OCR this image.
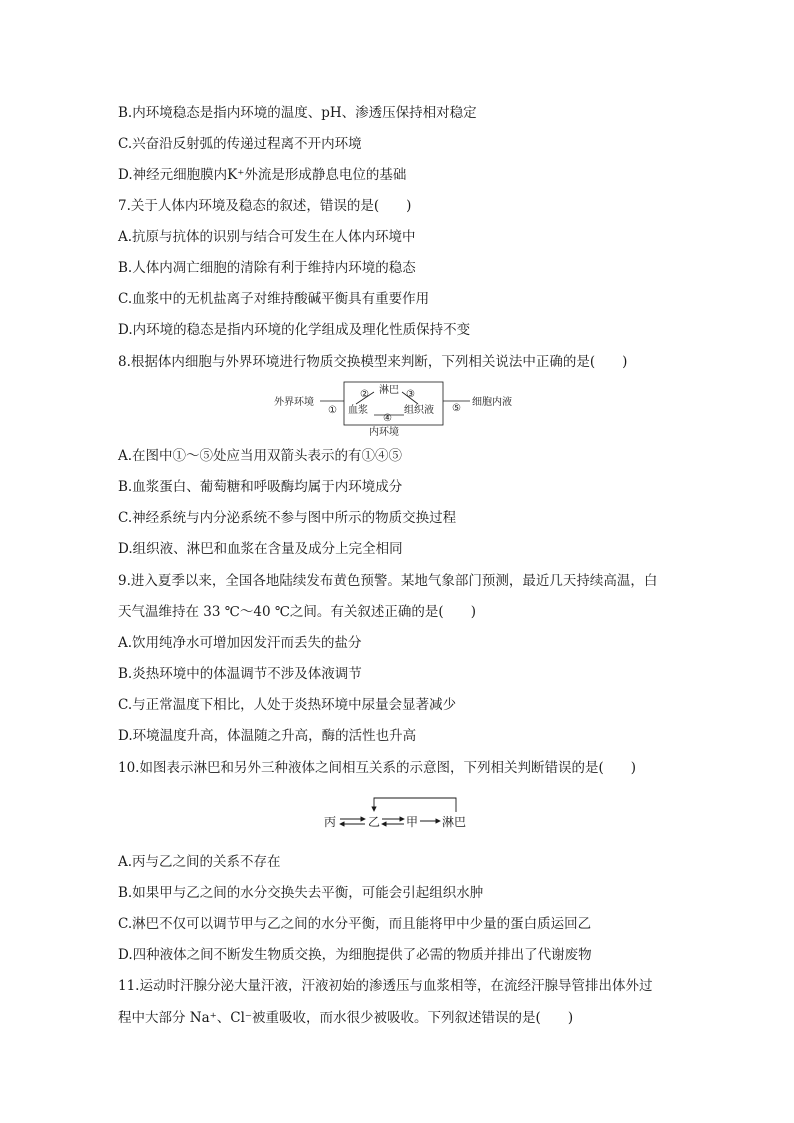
B.内环境稳态是指内环境的温度、pH、渗透压保持相对稳定
C.兴奋沿反射弧的传递过程离不开内环境
D.神经元细胞膜内K⁺外流是形成静息电位的基础
7.关于人体内环境及稳态的叙述，错误的是(　　)
A.抗原与抗体的识别与结合可发生在人体内环境中
B.人体内凋亡细胞的清除有利于维持内环境的稳态
C.血浆中的无机盐离子对维持酸碱平衡具有重要作用
D.内环境的稳态是指内环境的化学组成及理化性质保持不变
8.根据体内细胞与外界环境进行物质交换模型来判断，下列相关说法中正确的是(　　)
外界环境
①
② 淋巴 ③
血浆
④
组织液 ⑤
细胞内液
内环境
A.在图中①～⑤处应当用双箭头表示的有①④⑤
B.血浆蛋白、葡萄糖和呼吸酶均属于内环境成分
C.神经系统与内分泌系统不参与图中所示的物质交换过程
D.组织液、淋巴和血浆在含量及成分上完全相同
9.进入夏季以来，全国各地陆续发布黄色预警。某地气象部门预测，最近几天持续高温，白
天气温维持在 33 ℃～40 ℃之间。有关叙述正确的是(　　)
A.饮用纯净水可增加因发汗而丢失的盐分
B.炎热环境中的体温调节不涉及体液调节
C.与正常温度下相比，人处于炎热环境中尿量会显著减少
D.环境温度升高，体温随之升高，酶的活性也升高
10.如图表示淋巴和另外三种液体之间相互关系的示意图，下列相关判断错误的是(　　)
丙	乙 甲 淋巴
A.丙与乙之间的关系不存在
B.如果甲与乙之间的水分交换失去平衡，可能会引起组织水肿
C.淋巴不仅可以调节甲与乙之间的水分平衡，而且能将甲中少量的蛋白质运回乙
D.四种液体之间不断发生物质交换，为细胞提供了必需的物质并排出了代谢废物
11.运动时汗腺分泌大量汗液，汗液初始的渗透压与血浆相等，在流经汗腺导管排出体外过
程中大部分 Na⁺、Cl⁻被重吸收，而水很少被吸收。下列叙述错误的是(　　)
